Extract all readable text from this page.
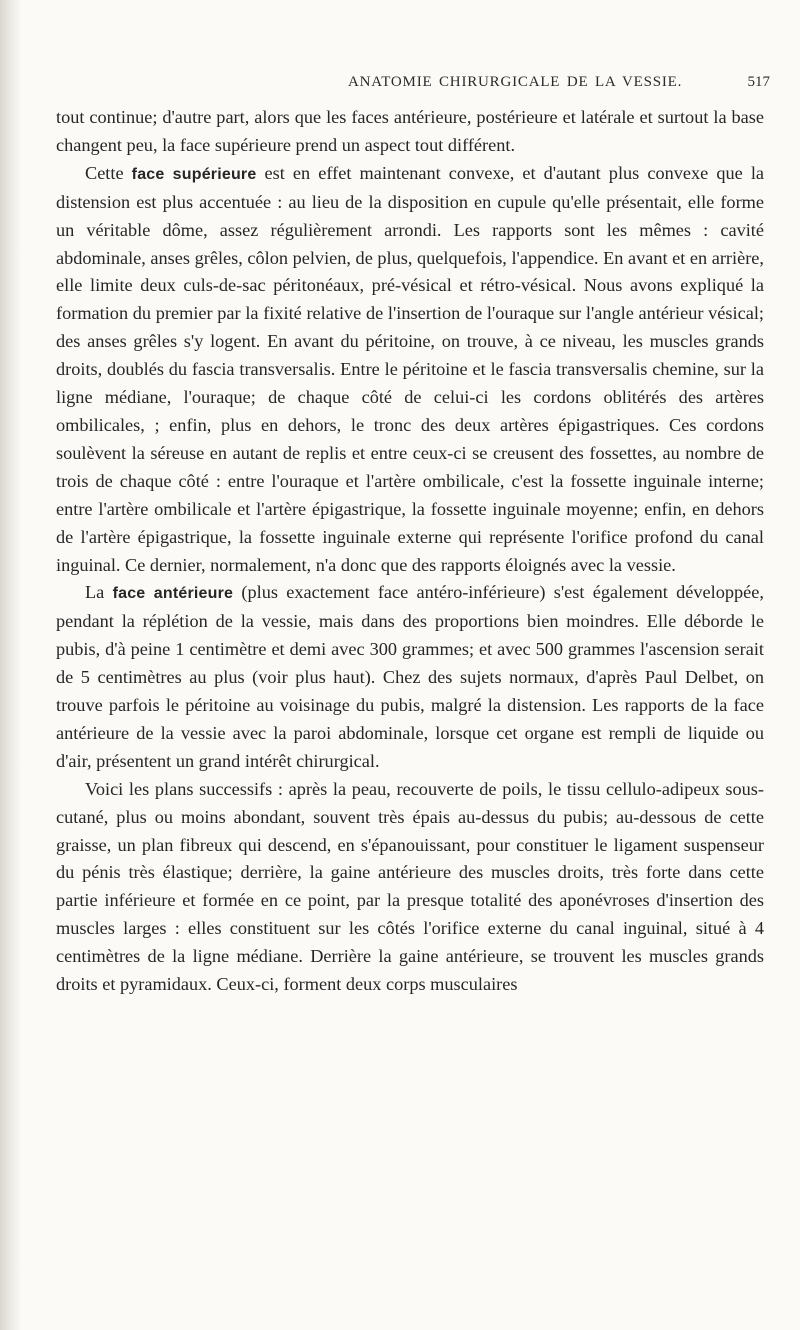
ANATOMIE CHIRURGICALE DE LA VESSIE.	517

tout continue; d'autre part, alors que les faces antérieure, postérieure et latérale et surtout la base changent peu, la face supérieure prend un aspect tout différent.

Cette face supérieure est en effet maintenant convexe, et d'autant plus convexe que la distension est plus accentuée : au lieu de la disposition en cupule qu'elle présentait, elle forme un véritable dôme, assez régulièrement arrondi. Les rapports sont les mêmes : cavité abdominale, anses grêles, côlon pelvien, de plus, quelquefois, l'appendice. En avant et en arrière, elle limite deux culs-de-sac péritonéaux, pré-vésical et rétro-vésical. Nous avons expliqué la formation du premier par la fixité relative de l'insertion de l'ouraque sur l'angle antérieur vésical; des anses grêles s'y logent. En avant du péritoine, on trouve, à ce niveau, les muscles grands droits, doublés du fascia transversalis. Entre le péritoine et le fascia transversalis chemine, sur la ligne médiane, l'ouraque; de chaque côté de celui-ci les cordons oblitérés des artères ombilicales, ; enfin, plus en dehors, le tronc des deux artères épigastriques. Ces cordons soulèvent la séreuse en autant de replis et entre ceux-ci se creusent des fossettes, au nombre de trois de chaque côté : entre l'ouraque et l'artère ombilicale, c'est la fossette inguinale interne; entre l'artère ombilicale et l'artère épigastrique, la fossette inguinale moyenne; enfin, en dehors de l'artère épigastrique, la fossette inguinale externe qui représente l'orifice profond du canal inguinal. Ce dernier, normalement, n'a donc que des rapports éloignés avec la vessie.

La face antérieure (plus exactement face antéro-inférieure) s'est également développée, pendant la réplétion de la vessie, mais dans des proportions bien moindres. Elle déborde le pubis, d'à peine 1 centimètre et demi avec 300 grammes; et avec 500 grammes l'ascension serait de 5 centimètres au plus (voir plus haut). Chez des sujets normaux, d'après Paul Delbet, on trouve parfois le péritoine au voisinage du pubis, malgré la distension. Les rapports de la face antérieure de la vessie avec la paroi abdominale, lorsque cet organe est rempli de liquide ou d'air, présentent un grand intérêt chirurgical.

Voici les plans successifs : après la peau, recouverte de poils, le tissu cellulo-adipeux sous-cutané, plus ou moins abondant, souvent très épais au-dessus du pubis; au-dessous de cette graisse, un plan fibreux qui descend, en s'épanouissant, pour constituer le ligament suspenseur du pénis très élastique; derrière, la gaine antérieure des muscles droits, très forte dans cette partie inférieure et formée en ce point, par la presque totalité des aponévroses d'insertion des muscles larges : elles constituent sur les côtés l'orifice externe du canal inguinal, situé à 4 centimètres de la ligne médiane. Derrière la gaine antérieure, se trouvent les muscles grands droits et pyramidaux. Ceux-ci, forment deux corps musculaires
